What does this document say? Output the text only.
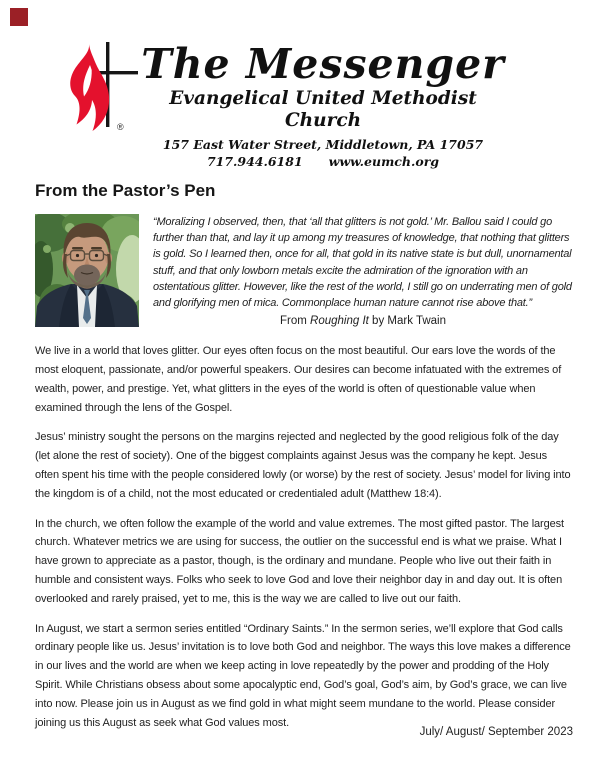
®
The Messenger
Evangelical United Methodist Church
157 East Water Street, Middletown, PA 17057
717.944.6181 www.eumch.org
From the Pastor’s Pen

“Moralizing I observed, then, that ‘all that glitters is not gold.’ Mr. Ballou said I could go further than that, and lay it up among my treasures of knowledge, that nothing that glitters is gold. So I learned then, once for all, that gold in its native state is but dull, unornamental stuff, and that only lowborn metals excite the admiration of the ignoration with an ostentatious glitter. However, like the rest of the world, I still go on underrating men of gold and glorifying men of mica. Commonplace human nature cannot rise above that.”

From Roughing It by Mark Twain

We live in a world that loves glitter. Our eyes often focus on the most beautiful. Our ears love the words of the most eloquent, passionate, and/or powerful speakers. Our desires can become infatuated with the extremes of wealth, power, and prestige. Yet, what glitters in the eyes of the world is often of questionable value when examined through the lens of the Gospel.

Jesus’ ministry sought the persons on the margins rejected and neglected by the good religious folk of the day (let alone the rest of society). One of the biggest complaints against Jesus was the company he kept. Jesus often spent his time with the people considered lowly (or worse) by the rest of society. Jesus’ model for living into the kingdom is of a child, not the most educated or credentialed adult (Matthew 18:4).

In the church, we often follow the example of the world and value extremes. The most gifted pastor. The largest church. Whatever metrics we are using for success, the outlier on the successful end is what we praise. What I have grown to appreciate as a pastor, though, is the ordinary and mundane. People who live out their faith in humble and consistent ways. Folks who seek to love God and love their neighbor day in and day out. It is often overlooked and rarely praised, yet to me, this is the way we are called to live out our faith.

In August, we start a sermon series entitled “Ordinary Saints.” In the sermon series, we’ll explore that God calls ordinary people like us. Jesus’ invitation is to love both God and neighbor. The ways this love makes a difference in our lives and the world are when we keep acting in love repeatedly by the power and prodding of the Holy Spirit. While Christians obsess about some apocalyptic end, God’s goal, God’s aim, by God’s grace, we can live into now. Please join us in August as we find gold in what might seem mundane to the world. Please consider joining us this August as seek what God values most.

July/ August/ September 2023
